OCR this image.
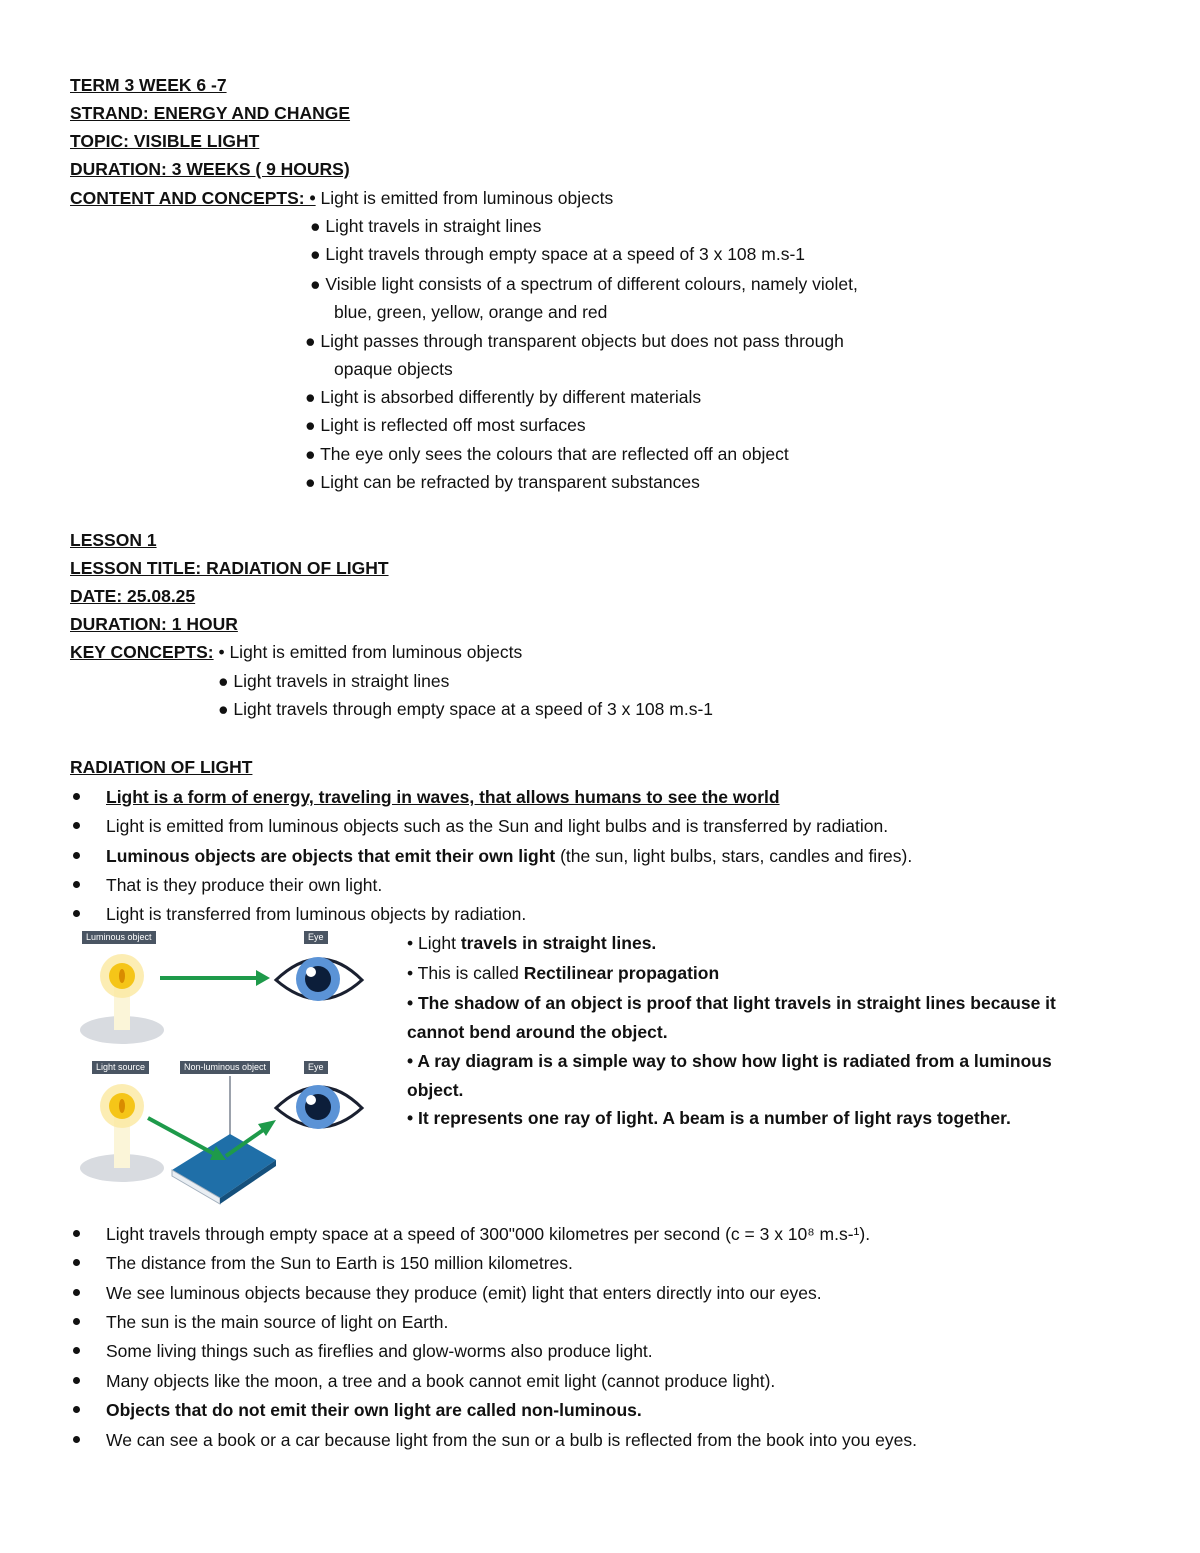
TERM 3 WEEK 6 -7
STRAND: ENERGY AND CHANGE
TOPIC: VISIBLE LIGHT
DURATION: 3 WEEKS ( 9 HOURS)
CONTENT AND CONCEPTS: • Light is emitted from luminous objects
● Light travels in straight lines
● Light travels through empty space at a speed of 3 x 108 m.s-1
● Visible light consists of a spectrum of different colours, namely violet,
blue, green, yellow, orange and red
● Light passes through transparent objects but does not pass through
opaque objects
● Light is absorbed differently by different materials
● Light is reflected off most surfaces
● The eye only sees the colours that are reflected off an object
● Light can be refracted by transparent substances
LESSON 1
LESSON TITLE: RADIATION OF LIGHT
DATE: 25.08.25
DURATION: 1 HOUR
KEY CONCEPTS: • Light is emitted from luminous objects
● Light travels in straight lines
● Light travels through empty space at a speed of 3 x 108 m.s-1
RADIATION OF LIGHT
Light is a form of energy, traveling in waves, that allows humans to see the world
Light is emitted from luminous objects such as the Sun and light bulbs and is transferred by radiation.
Luminous objects are objects that emit their own light (the sun, light bulbs, stars, candles and fires).
That is they produce their own light.
Light is transferred from luminous objects by radiation.
Luminous object	Eye
Light source	Non-luminous object	Eye
• Light travels in straight lines.
• This is called Rectilinear propagation
• The shadow of an object is proof that light travels in straight lines because it
cannot bend around the object.
• A ray diagram is a simple way to show how light is radiated from a luminous
object.
• It represents one ray of light. A beam is a number of light rays together.
Light travels through empty space at a speed of 300"000 kilometres per second (c = 3 x 10⁸ m.s-¹).
The distance from the Sun to Earth is 150 million kilometres.
We see luminous objects because they produce (emit) light that enters directly into our eyes.
The sun is the main source of light on Earth.
Some living things such as fireflies and glow-worms also produce light.
Many objects like the moon, a tree and a book cannot emit light (cannot produce light).
Objects that do not emit their own light are called non-luminous.
We can see a book or a car because light from the sun or a bulb is reflected from the book into you eyes.
